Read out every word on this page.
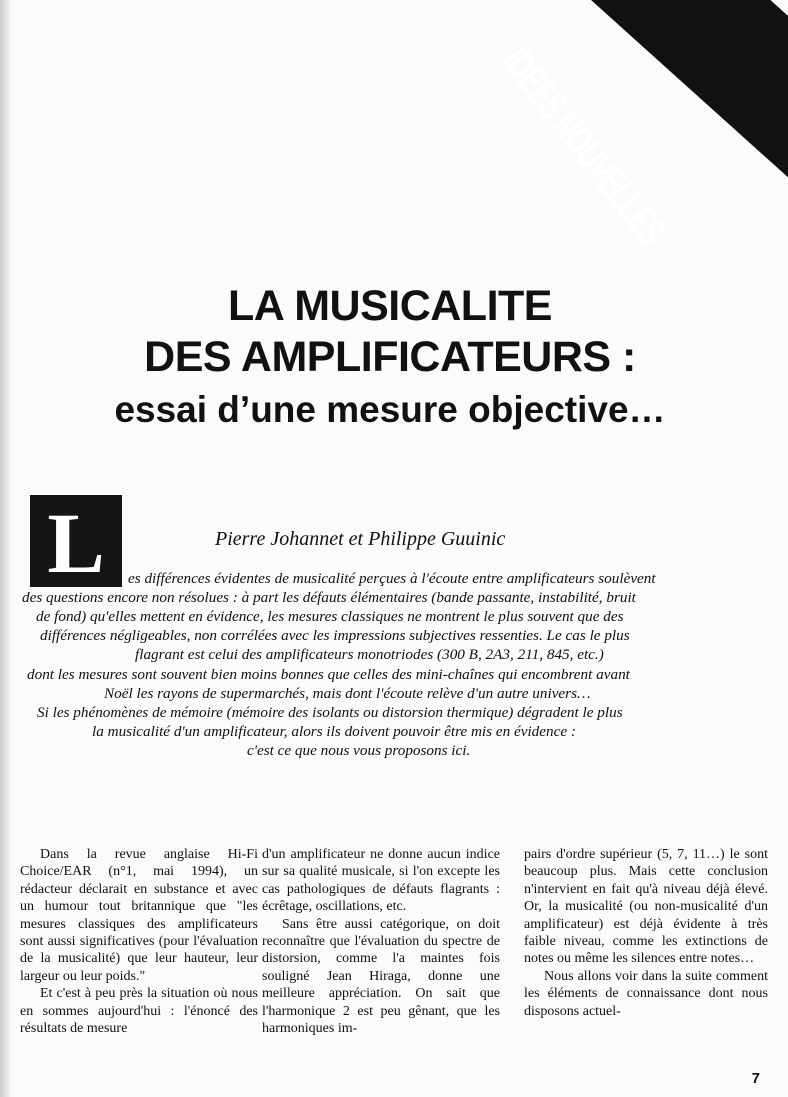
IDEES NOUVELLES
LA MUSICALITE
DES AMPLIFICATEURS :
essai d’une mesure objective…
L	Pierre Johannet et Philippe Guuinic

es différences évidentes de musicalité perçues à l'écoute entre amplificateurs soulèvent

des questions encore non résolues : à part les défauts élémentaires (bande passante, instabilité, bruit

de fond) qu'elles mettent en évidence, les mesures classiques ne montrent le plus souvent que des

différences négligeables, non corrélées avec les impressions subjectives ressenties. Le cas le plus

flagrant est celui des amplificateurs monotriodes (300 B, 2A3, 211, 845, etc.)

dont les mesures sont souvent bien moins bonnes que celles des mini-chaînes qui encombrent avant

Noël les rayons de supermarchés, mais dont l'écoute relève d'un autre univers…

Si les phénomènes de mémoire (mémoire des isolants ou distorsion thermique) dégradent le plus

la musicalité d'un amplificateur, alors ils doivent pouvoir être mis en évidence :

c'est ce que nous vous proposons ici.

Dans la revue anglaise Hi-Fi Choice/EAR (n°1, mai 1994), un rédacteur déclarait en substance et avec un humour tout britannique que "les mesures classiques des amplificateurs sont aussi significatives (pour l'évaluation de la musicalité) que leur hauteur, leur largeur ou leur poids."

Et c'est à peu près la situation où nous en sommes aujourd'hui : l'énoncé des résultats de mesure

d'un amplificateur ne donne aucun indice sur sa qualité musicale, si l'on excepte les cas pathologiques de défauts flagrants : écrêtage, oscillations, etc.

Sans être aussi catégorique, on doit reconnaître que l'évaluation du spectre de distorsion, comme l'a maintes fois souligné Jean Hiraga, donne une meilleure appréciation. On sait que l'harmonique 2 est peu gênant, que les harmoniques im-

pairs d'ordre supérieur (5, 7, 11…) le sont beaucoup plus. Mais cette conclusion n'intervient en fait qu'à niveau déjà élevé. Or, la musicalité (ou non-musicalité d'un amplificateur) est déjà évidente à très faible niveau, comme les extinctions de notes ou même les silences entre notes…

Nous allons voir dans la suite comment les éléments de connaissance dont nous disposons actuel-

7
